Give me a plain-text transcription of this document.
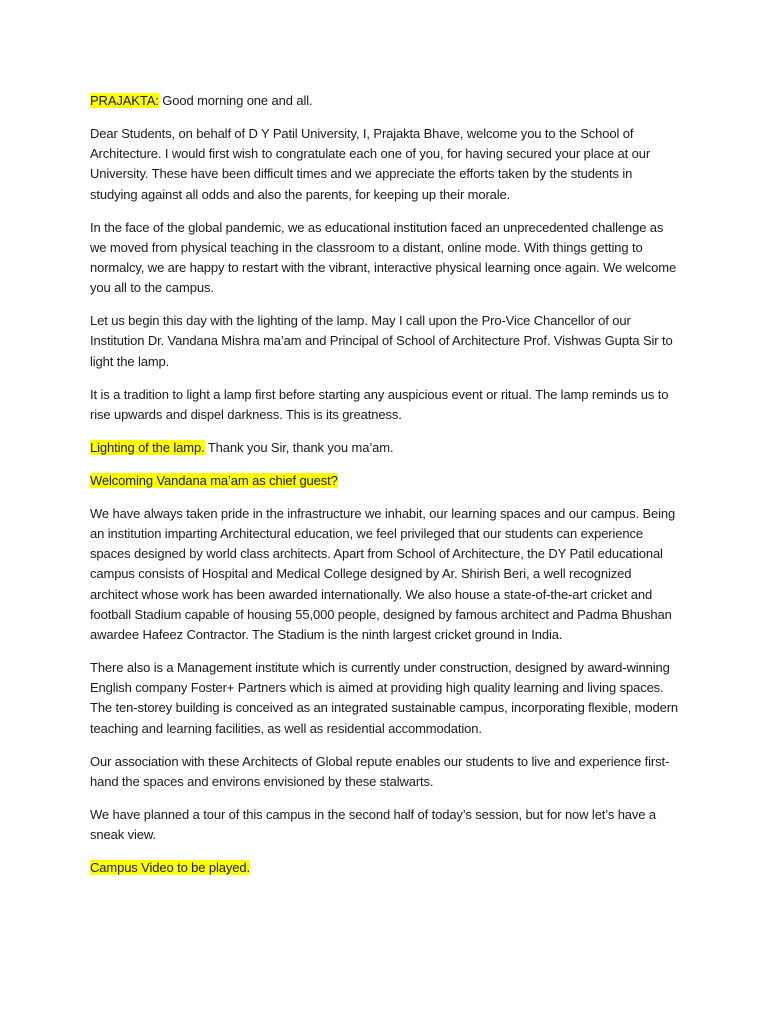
PRAJAKTA: Good morning one and all.

Dear Students, on behalf of D Y Patil University, I, Prajakta Bhave, welcome you to the School of Architecture. I would first wish to congratulate each one of you, for having secured your place at our University. These have been difficult times and we appreciate the efforts taken by the students in studying against all odds and also the parents, for keeping up their morale.

In the face of the global pandemic, we as educational institution faced an unprecedented challenge as we moved from physical teaching in the classroom to a distant, online mode. With things getting to normalcy, we are happy to restart with the vibrant, interactive physical learning once again. We welcome you all to the campus.

Let us begin this day with the lighting of the lamp. May I call upon the Pro-Vice Chancellor of our Institution Dr. Vandana Mishra ma’am and Principal of School of Architecture Prof. Vishwas Gupta Sir to light the lamp.

It is a tradition to light a lamp first before starting any auspicious event or ritual. The lamp reminds us to rise upwards and dispel darkness. This is its greatness.

Lighting of the lamp. Thank you Sir, thank you ma’am.

Welcoming Vandana ma’am as chief guest?

We have always taken pride in the infrastructure we inhabit, our learning spaces and our campus. Being an institution imparting Architectural education, we feel privileged that our students can experience spaces designed by world class architects. Apart from School of Architecture, the DY Patil educational campus consists of Hospital and Medical College designed by Ar. Shirish Beri, a well recognized architect whose work has been awarded internationally. We also house a state-of-the-art cricket and football Stadium capable of housing 55,000 people, designed by famous architect and Padma Bhushan awardee Hafeez Contractor. The Stadium is the ninth largest cricket ground in India.

There also is a Management institute which is currently under construction, designed by award-winning English company Foster+ Partners which is aimed at providing high quality learning and living spaces. The ten-storey building is conceived as an integrated sustainable campus, incorporating flexible, modern teaching and learning facilities, as well as residential accommodation.

Our association with these Architects of Global repute enables our students to live and experience first-hand the spaces and environs envisioned by these stalwarts.

We have planned a tour of this campus in the second half of today’s session, but for now let’s have a sneak view.

Campus Video to be played.
